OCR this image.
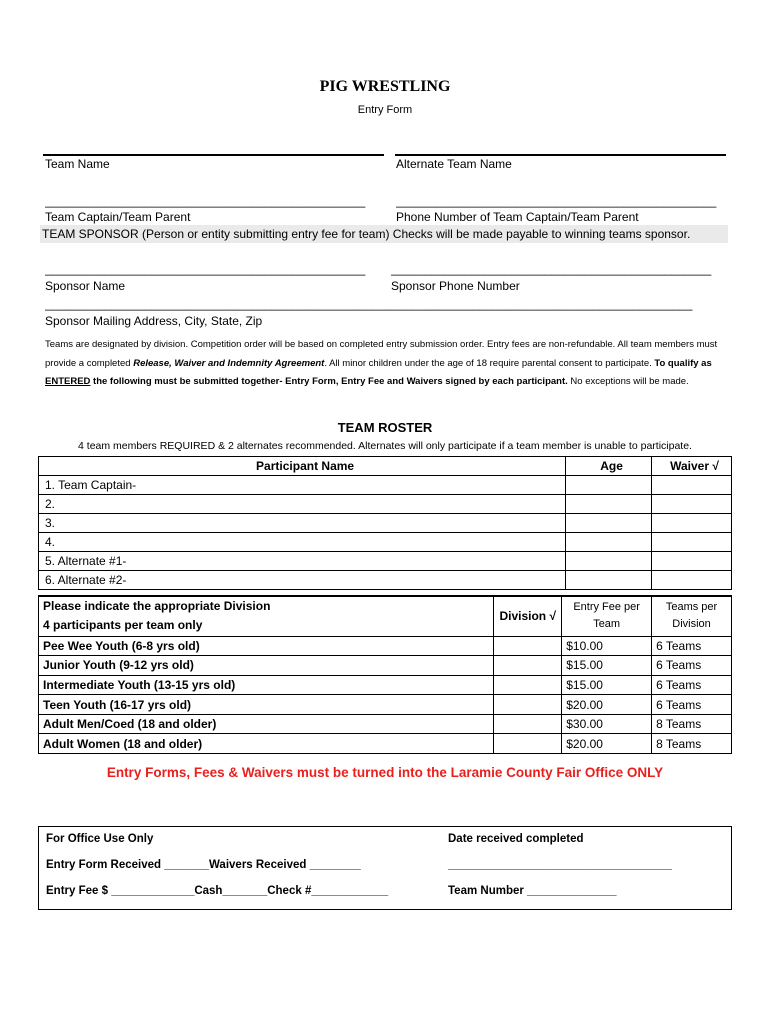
PIG WRESTLING
Entry Form
Team Name	Alternate Team Name
________________________________________________	________________________________________________
Team Captain/Team Parent	Phone Number of Team Captain/Team Parent
TEAM SPONSOR (Person or entity submitting entry fee for team) Checks will be made payable to winning teams sponsor.
________________________________________________	________________________________________________
Sponsor Name	Sponsor Phone Number
_________________________________________________________________________________________________
Sponsor Mailing Address, City, State, Zip
Teams are designated by division. Competition order will be based on completed entry submission order. Entry fees are non-refundable. All team members must provide a completed Release, Waiver and Indemnity Agreement. All minor children under the age of 18 require parental consent to participate. To qualify as ENTERED the following must be submitted together- Entry Form, Entry Fee and Waivers signed by each participant. No exceptions will be made.
TEAM ROSTER
4 team members REQUIRED & 2 alternates recommended. Alternates will only participate if a team member is unable to participate.
Participant Name	Age	Waiver √
1. Team Captain-		
2.		
3.		
4.		
5. Alternate #1-		
6. Alternate #2-		
Please indicate the appropriate Division
4 participants per team only	Division √	Entry Fee per Team	Teams per Division
Pee Wee Youth (6-8 yrs old)		$10.00	6 Teams
Junior Youth (9-12 yrs old)		$15.00	6 Teams
Intermediate Youth (13-15 yrs old)		$15.00	6 Teams
Teen Youth (16-17 yrs old)		$20.00	6 Teams
Adult Men/Coed (18 and older)		$30.00	8 Teams
Adult Women (18 and older)		$20.00	8 Teams
Entry Forms, Fees & Waivers must be turned into the Laramie County Fair Office ONLY
For Office Use Only	Date received completed
Entry Form Received _______Waivers Received ________	___________________________________
Entry Fee $ _____________Cash_______Check #____________	Team Number ______________
